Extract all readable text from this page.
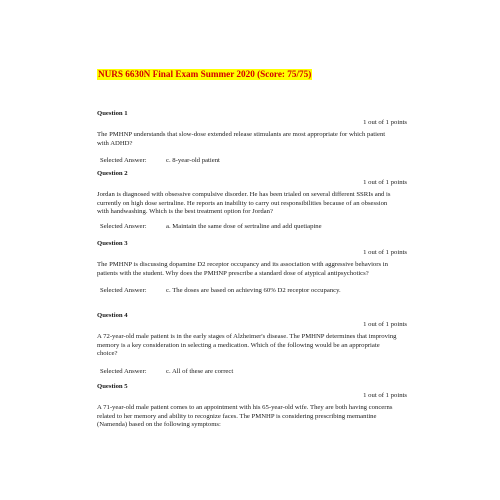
NURS 6630N Final Exam Summer 2020 (Score: 75/75)
Question 1
1 out of 1 points
The PMHNP understands that slow-dose extended release stimulants are most appropriate for which patient with ADHD?
Selected Answer:	c. 8-year-old patient
Question 2
1 out of 1 points
Jordan is diagnosed with obsessive compulsive disorder. He has been trialed on several different SSRIs and is currently on high dose sertraline. He reports an inability to carry out responsibilities because of an obsession with handwashing. Which is the best treatment option for Jordan?
Selected Answer:	a. Maintain the same dose of sertraline and add quetiapine
Question 3
1 out of 1 points
The PMHNP is discussing dopamine D2 receptor occupancy and its association with aggressive behaviors in patients with the student. Why does the PMHNP prescribe a standard dose of atypical antipsychotics?
Selected Answer:	c. The doses are based on achieving 60% D2 receptor occupancy.
Question 4
1 out of 1 points
A 72-year-old male patient is in the early stages of Alzheimer's disease. The PMHNP determines that improving memory is a key consideration in selecting a medication. Which of the following would be an appropriate choice?
Selected Answer:	c. All of these are correct
Question 5
1 out of 1 points
A 71-year-old male patient comes to an appointment with his 65-year-old wife. They are both having concerns related to her memory and ability to recognize faces. The PMNHP is considering prescribing memantine (Namenda) based on the following symptoms:
